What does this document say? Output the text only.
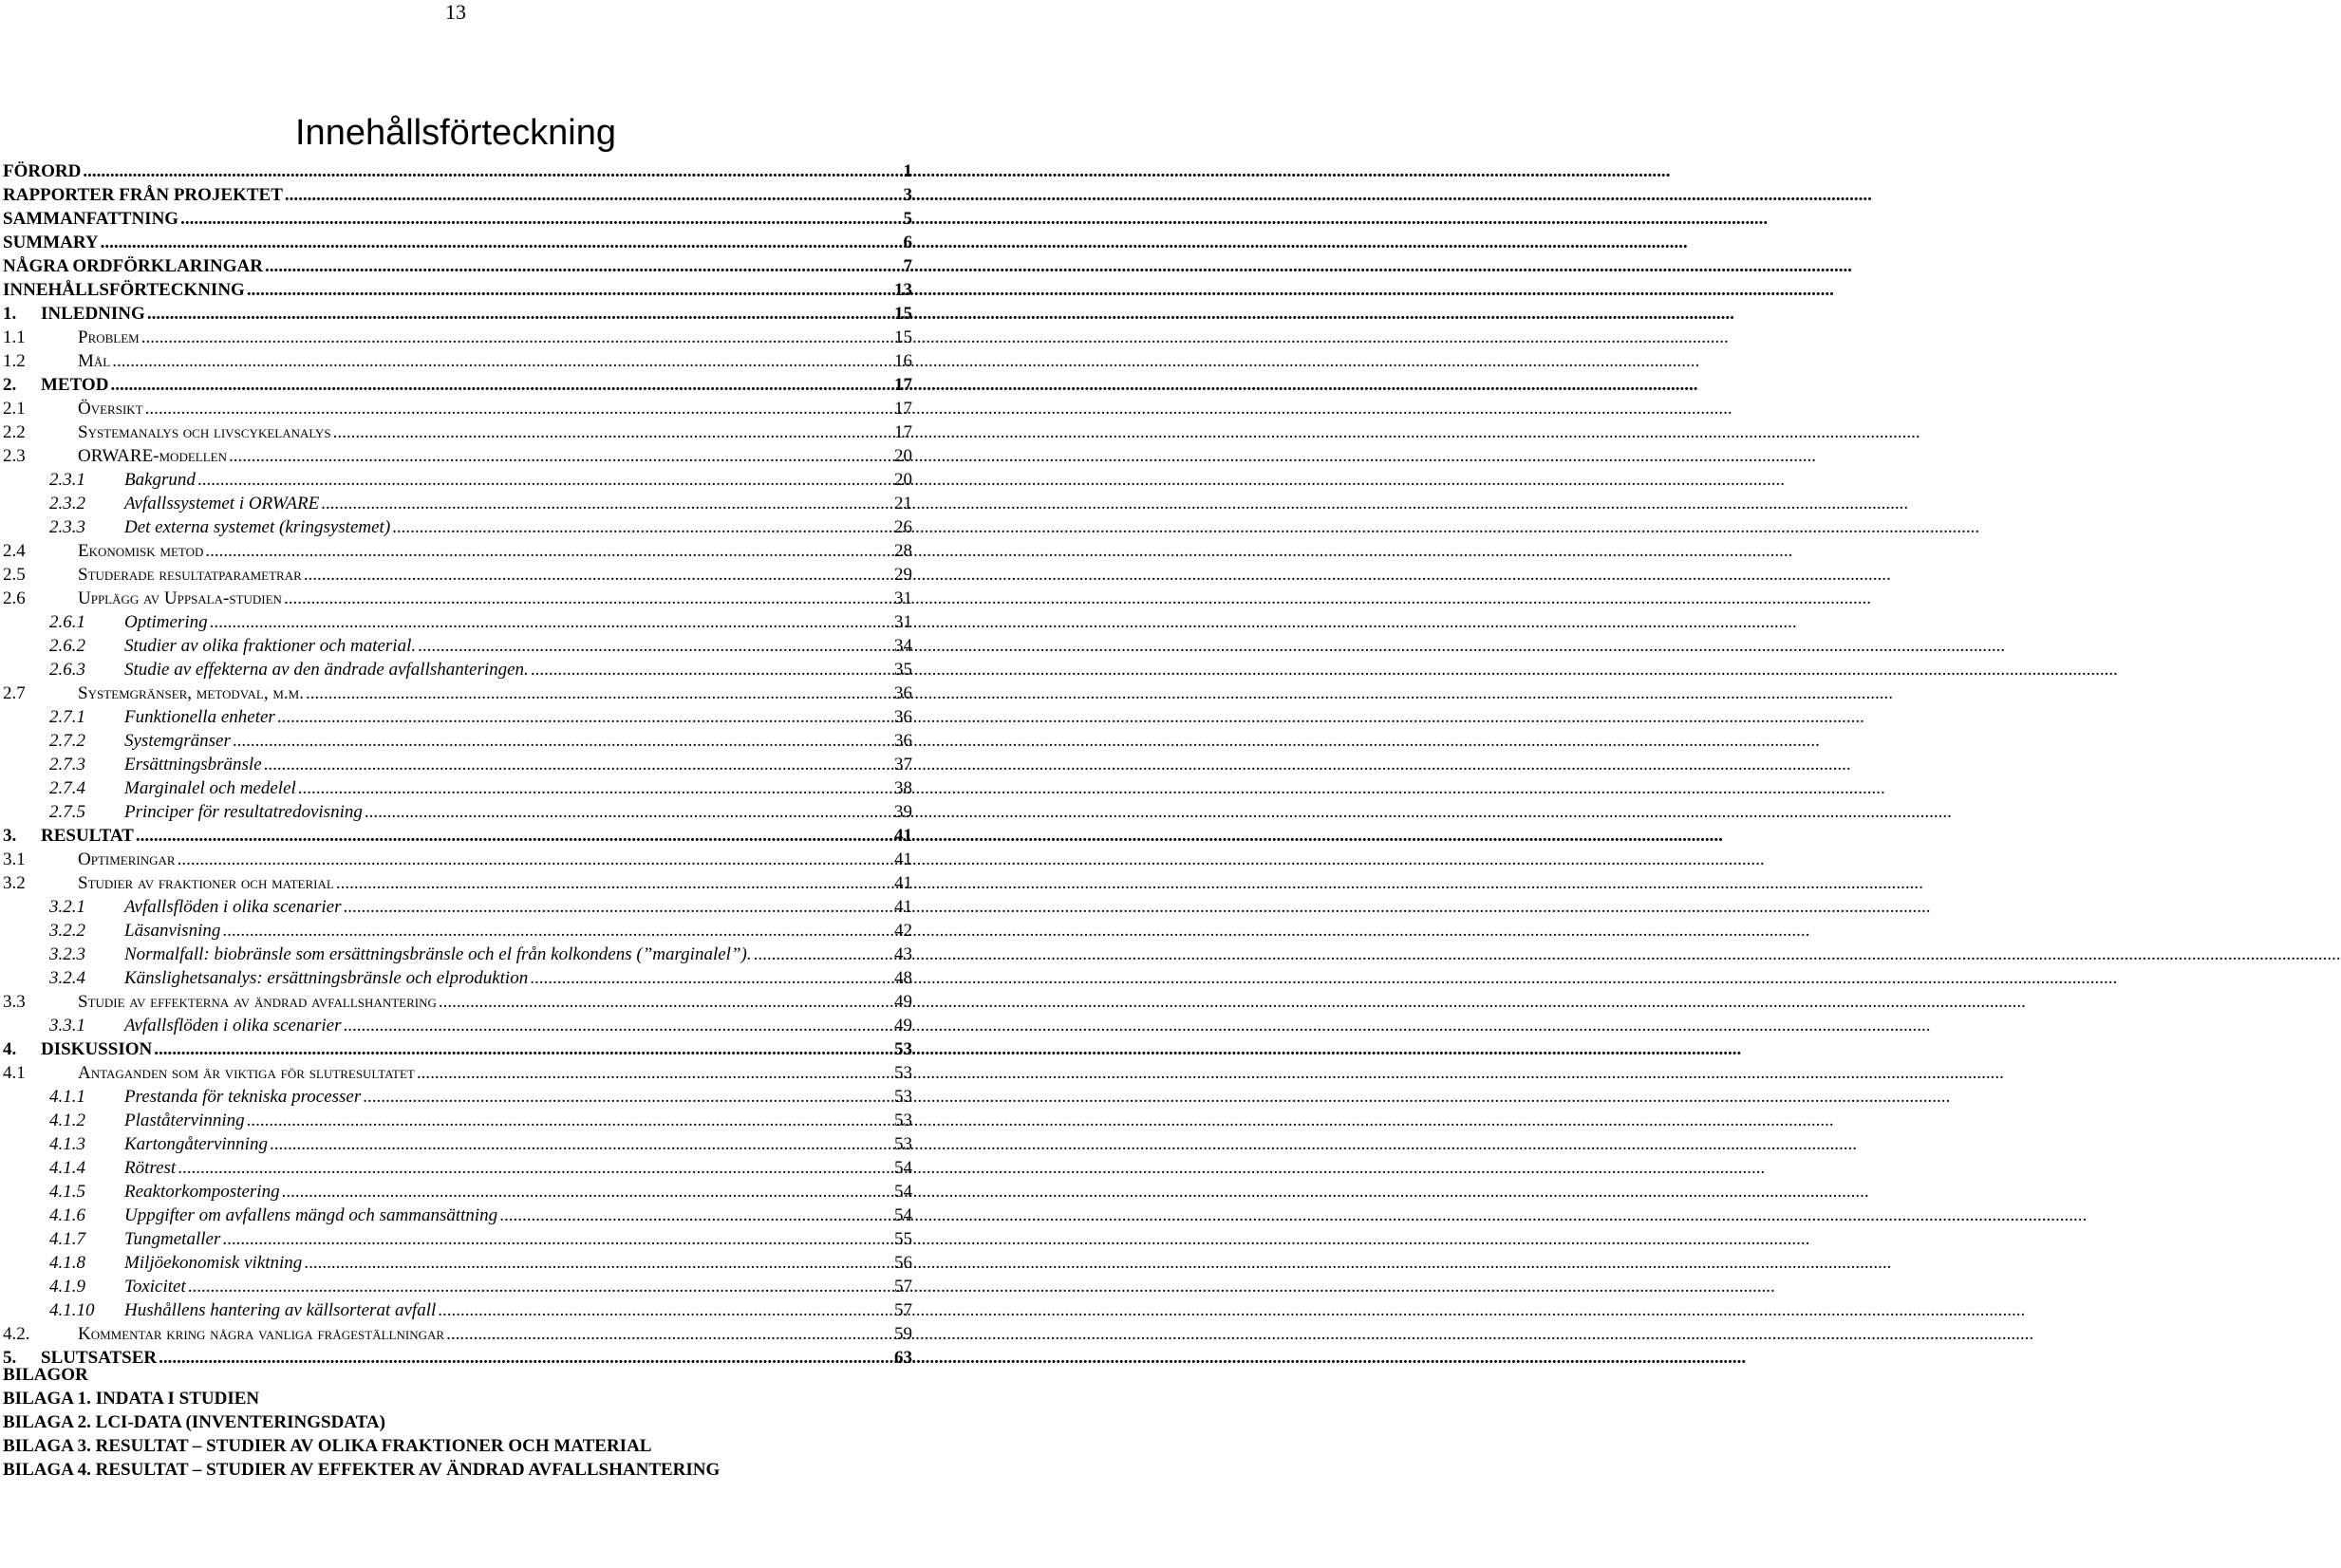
13
Innehållsförteckning
FÖRORD .....	1
RAPPORTER FRÅN PROJEKTET .....	3
SAMMANFATTNING .....	5
SUMMARY .....	6
NÅGRA ORDFÖRKLARINGAR .....	7
INNEHÅLLSFÖRTECKNING .....	13
1.	INLEDNING .....	15
1.1	Problem .....	15
1.2	Mål .....	16
2.	METOD .....	17
2.1	Översikt .....	17
2.2	Systemanalys och livscykelanalys .....	17
2.3	ORWARE-modellen .....	20
2.3.1	Bakgrund .....	20
2.3.2	Avfallssystemet i ORWARE .....	21
2.3.3	Det externa systemet (kringsystemet) .....	26
2.4	Ekonomisk metod .....	28
2.5	Studerade resultatparametrar .....	29
2.6	Upplägg av Uppsala-studien .....	31
2.6.1	Optimering .....	31
2.6.2	Studier av olika fraktioner och material. .....	34
2.6.3	Studie av effekterna av den ändrade avfallshanteringen. .....	35
2.7	Systemgränser, metodval, m.m. .....	36
2.7.1	Funktionella enheter .....	36
2.7.2	Systemgränser .....	36
2.7.3	Ersättningsbränsle .....	37
2.7.4	Marginalel och medelel .....	38
2.7.5	Principer för resultatredovisning .....	39
3.	RESULTAT .....	41
3.1	Optimeringar .....	41
3.2	Studier av fraktioner och material .....	41
3.2.1	Avfallsflöden i olika scenarier .....	41
3.2.2	Läsanvisning .....	42
3.2.3	Normalfall: biobränsle som ersättningsbränsle och el från kolkondens (”marginalel”). .....	43
3.2.4	Känslighetsanalys: ersättningsbränsle och elproduktion .....	48
3.3	Studie av effekterna av ändrad avfallshantering .....	49
3.3.1	Avfallsflöden i olika scenarier .....	49
4.	DISKUSSION .....	53
4.1	Antaganden som är viktiga för slutresultatet .....	53
4.1.1	Prestanda för tekniska processer .....	53
4.1.2	Plaståtervinning .....	53
4.1.3	Kartongåtervinning .....	53
4.1.4	Rötrest .....	54
4.1.5	Reaktorkompostering .....	54
4.1.6	Uppgifter om avfallens mängd och sammansättning .....	54
4.1.7	Tungmetaller .....	55
4.1.8	Miljöekonomisk viktning .....	56
4.1.9	Toxicitet .....	57
4.1.10	Hushållens hantering av källsorterat avfall .....	57
4.2.	Kommentar kring några vanliga frågeställningar .....	59
5.	SLUTSATSER .....	63
BILAGOR
BILAGA 1. INDATA I STUDIEN
BILAGA 2. LCI-DATA (INVENTERINGSDATA)
BILAGA 3. RESULTAT – STUDIER AV OLIKA FRAKTIONER OCH MATERIAL
BILAGA 4. RESULTAT – STUDIER AV EFFEKTER AV ÄNDRAD AVFALLSHANTERING
